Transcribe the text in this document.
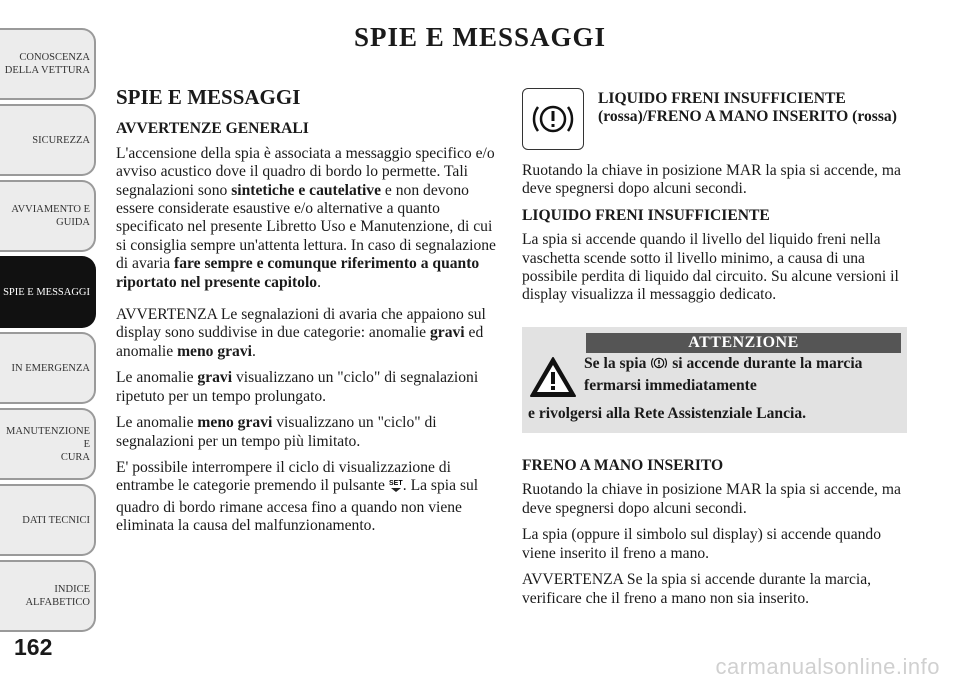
SPIE E MESSAGGI
CONOSCENZA
DELLA VETTURA
SICUREZZA
AVVIAMENTO E
GUIDA
SPIE E MESSAGGI
IN EMERGENZA
MANUTENZIONE E
CURA
DATI TECNICI
INDICE
ALFABETICO
162
SPIE E MESSAGGI
AVVERTENZE GENERALI

L'accensione della spia è associata a messaggio specifico e/o avviso acustico dove il quadro di bordo lo permette. Tali segnalazioni sono sintetiche e cautelative e non devono essere considerate esaustive e/o alternative a quanto specificato nel presente Libretto Uso e Manutenzione, di cui si consiglia sempre un'attenta lettura. In caso di segnalazione di avaria fare sempre e comunque riferimento a quanto riportato nel presente capitolo.

AVVERTENZA Le segnalazioni di avaria che appaiono sul display sono suddivise in due categorie: anomalie gravi ed anomalie meno gravi.

Le anomalie gravi visualizzano un "ciclo" di segnalazioni ripetuto per un tempo prolungato.

Le anomalie meno gravi visualizzano un "ciclo" di segnalazioni per un tempo più limitato.

E' possibile interrompere il ciclo di visualizzazione di entrambe le categorie premendo il pulsante SET . La spia sul quadro di bordo rimane accesa fino a quando non viene eliminata la causa del malfunzionamento.

LIQUIDO FRENI INSUFFICIENTE (rossa)/FRENO A MANO INSERITO (rossa)

Ruotando la chiave in posizione MAR la spia si accende, ma deve spegnersi dopo alcuni secondi.

LIQUIDO FRENI INSUFFICIENTE

La spia si accende quando il livello del liquido freni nella vaschetta scende sotto il livello minimo, a causa di una possibile perdita di liquido dal circuito. Su alcune versioni il display visualizza il messaggio dedicato.

ATTENZIONE
Se la spia  si accende durante la marcia fermarsi immediatamente
e rivolgersi alla Rete Assistenziale Lancia.
FRENO A MANO INSERITO

Ruotando la chiave in posizione MAR la spia si accende, ma deve spegnersi dopo alcuni secondi.

La spia (oppure il simbolo sul display) si accende quando viene inserito il freno a mano.

AVVERTENZA Se la spia si accende durante la marcia, verificare che il freno a mano non sia inserito.

carmanualsonline.info
